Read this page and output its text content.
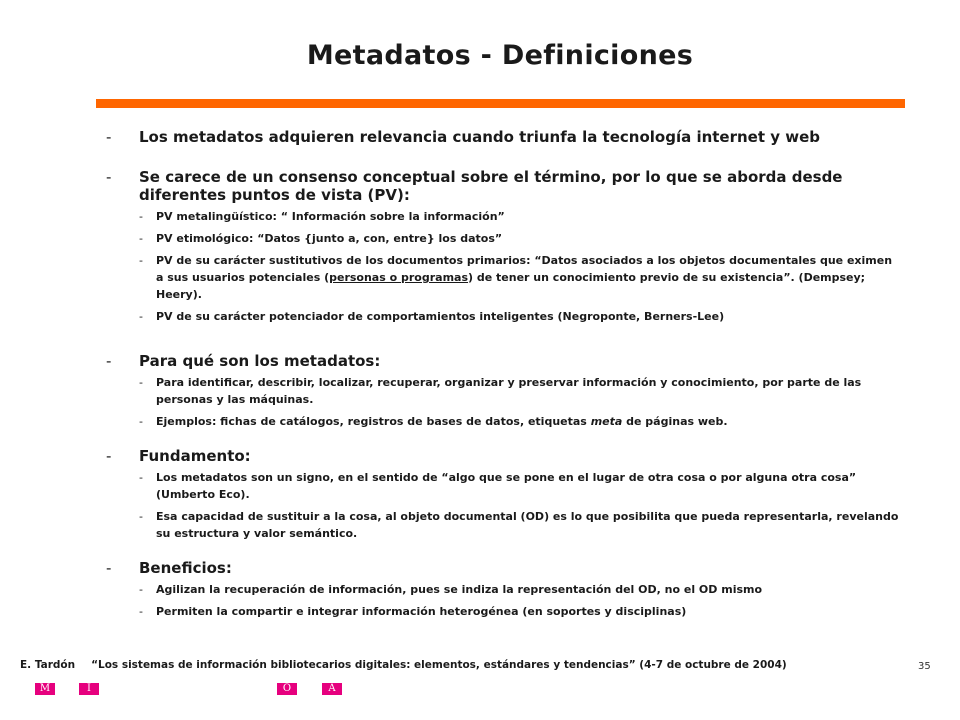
Metadatos - Definiciones
-	Los metadatos adquieren relevancia cuando triunfa la tecnología internet y web
-	Se carece de un consenso conceptual sobre el término, por lo que se aborda desde diferentes puntos de vista (PV):
-	PV metalingüístico: “ Información sobre la información”
-	PV etimológico: “Datos {junto a, con, entre} los datos”
-	PV de su carácter sustitutivos de los documentos primarios: “Datos asociados a los objetos documentales que eximen a sus usuarios potenciales (personas o programas) de tener un conocimiento previo de su existencia”. (Dempsey; Heery).
-	PV de su carácter potenciador de comportamientos inteligentes (Negroponte, Berners-Lee)
-	Para qué son los metadatos:
-	Para identificar, describir, localizar, recuperar, organizar y preservar información y conocimiento, por parte de las personas y las máquinas.
-	Ejemplos: fichas de catálogos, registros de bases de datos, etiquetas meta de páginas web.
-	Fundamento:
-	Los metadatos son un signo, en el sentido de “algo que se pone en el lugar de otra cosa o por alguna otra cosa” (Umberto Eco).
-	Esa capacidad de sustituir a la cosa, al objeto documental (OD) es lo que posibilita que pueda representarla, revelando su estructura y valor semántico.
-	Beneficios:
-	Agilizan la recuperación de información, pues se indiza la representación del OD, no el OD mismo
-	Permiten la compartir e integrar información heterogénea (en soportes y disciplinas)
E. Tardón “Los sistemas de información bibliotecarios digitales: elementos, estándares y tendencias” (4-7 de octubre de 2004)	35
M	I	O	A
